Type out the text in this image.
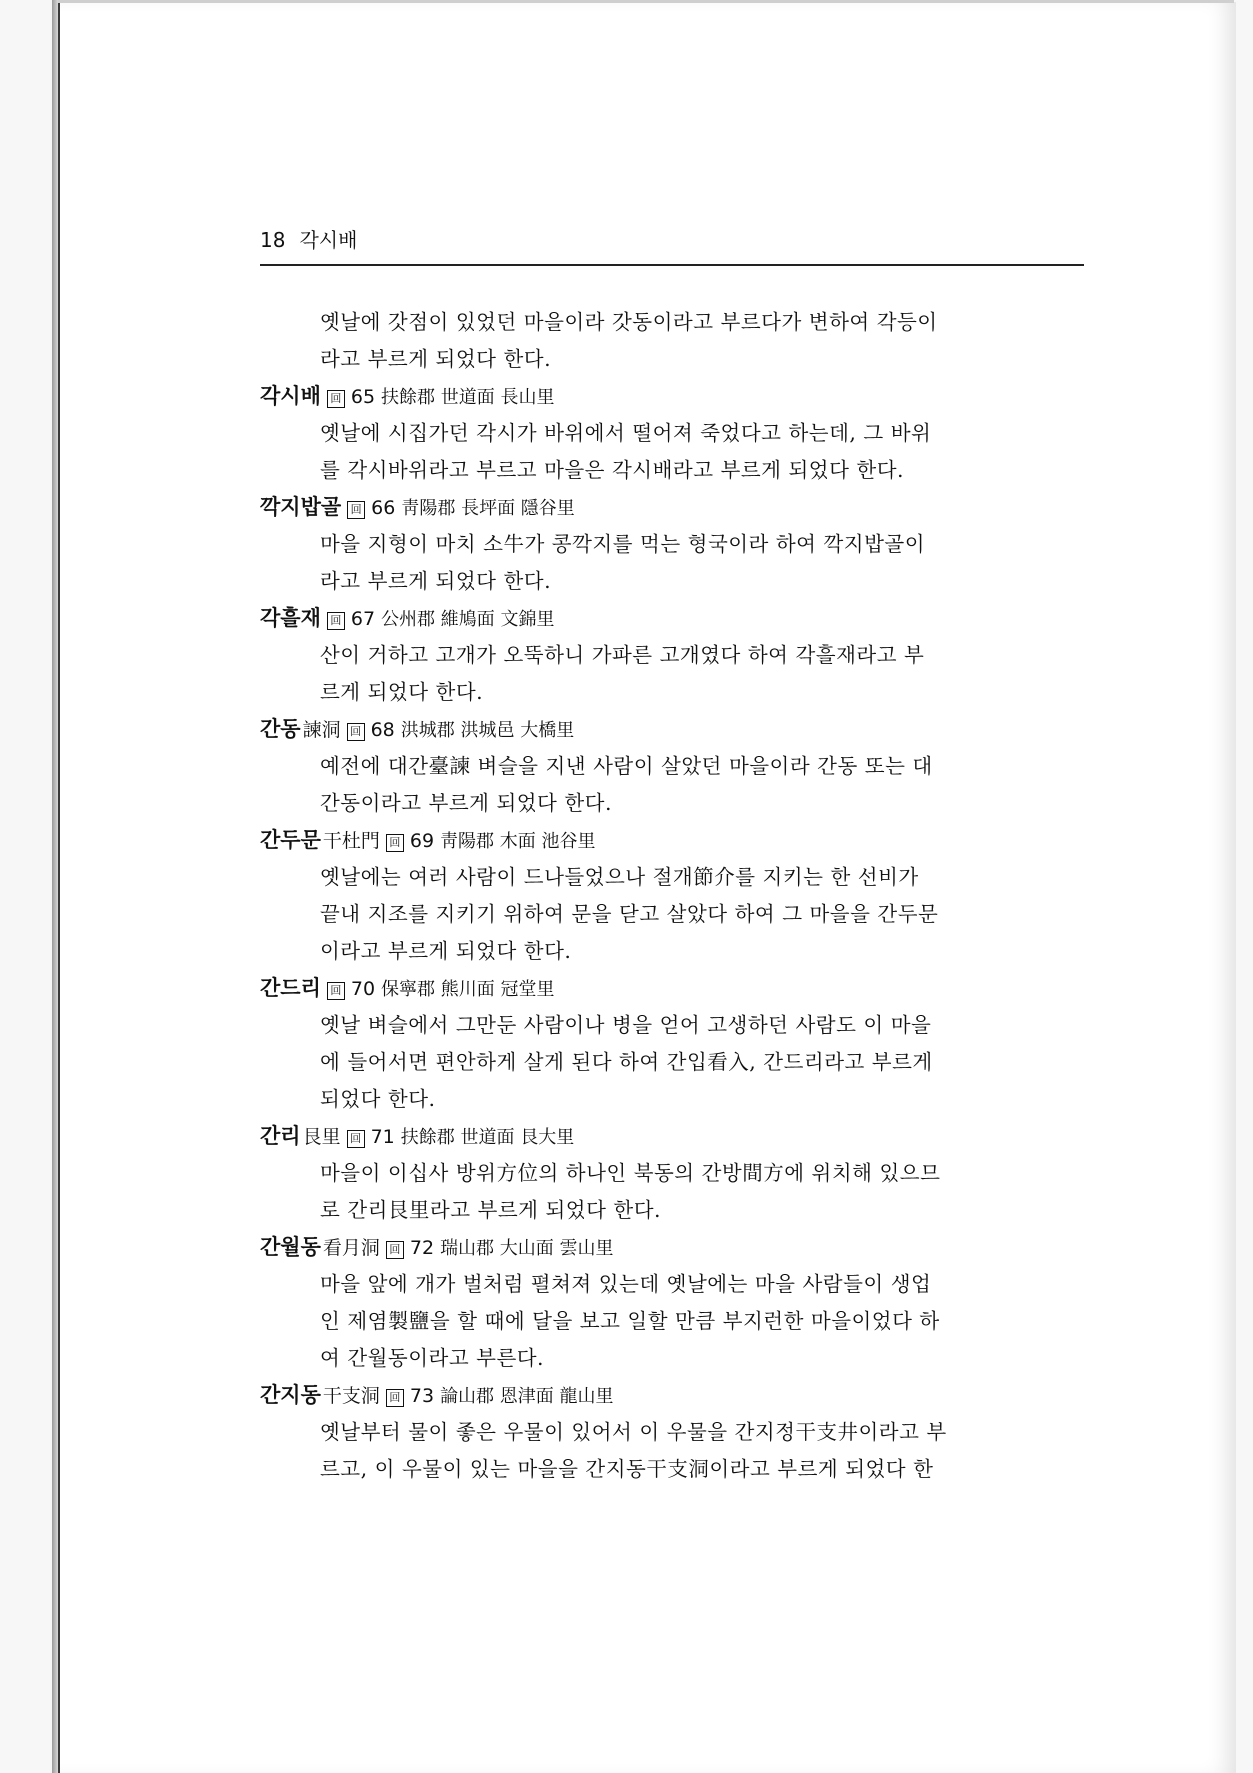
18 각시배
옛날에 갓점이 있었던 마을이라 갓동이라고 부르다가 변하여 각등이
라고 부르게 되었다 한다.
각시배 回 65 扶餘郡 世道面 長山里
옛날에 시집가던 각시가 바위에서 떨어져 죽었다고 하는데, 그 바위
를 각시바위라고 부르고 마을은 각시배라고 부르게 되었다 한다.
깍지밥골 回 66 靑陽郡 長坪面 隱谷里
마을 지형이 마치 소牛가 콩깍지를 먹는 형국이라 하여 깍지밥골이
라고 부르게 되었다 한다.
각흘재 回 67 公州郡 維鳩面 文錦里
산이 거하고 고개가 오뚝하니 가파른 고개였다 하여 각흘재라고 부
르게 되었다 한다.
간동 諫洞 回 68 洪城郡 洪城邑 大橋里
예전에 대간臺諫 벼슬을 지낸 사람이 살았던 마을이라 간동 또는 대
간동이라고 부르게 되었다 한다.
간두문 干杜門 回 69 靑陽郡 木面 池谷里
옛날에는 여러 사람이 드나들었으나 절개節介를 지키는 한 선비가
끝내 지조를 지키기 위하여 문을 닫고 살았다 하여 그 마을을 간두문
이라고 부르게 되었다 한다.
간드리 回 70 保寧郡 熊川面 冠堂里
옛날 벼슬에서 그만둔 사람이나 병을 얻어 고생하던 사람도 이 마을
에 들어서면 편안하게 살게 된다 하여 간입看入, 간드리라고 부르게
되었다 한다.
간리 艮里 回 71 扶餘郡 世道面 艮大里
마을이 이십사 방위方位의 하나인 북동의 간방間方에 위치해 있으므
로 간리艮里라고 부르게 되었다 한다.
간월동 看月洞 回 72 瑞山郡 大山面 雲山里
마을 앞에 개가 벌처럼 펼쳐져 있는데 옛날에는 마을 사람들이 생업
인 제염製鹽을 할 때에 달을 보고 일할 만큼 부지런한 마을이었다 하
여 간월동이라고 부른다.
간지동 干支洞 回 73 論山郡 恩津面 龍山里
옛날부터 물이 좋은 우물이 있어서 이 우물을 간지정干支井이라고 부
르고, 이 우물이 있는 마을을 간지동干支洞이라고 부르게 되었다 한
